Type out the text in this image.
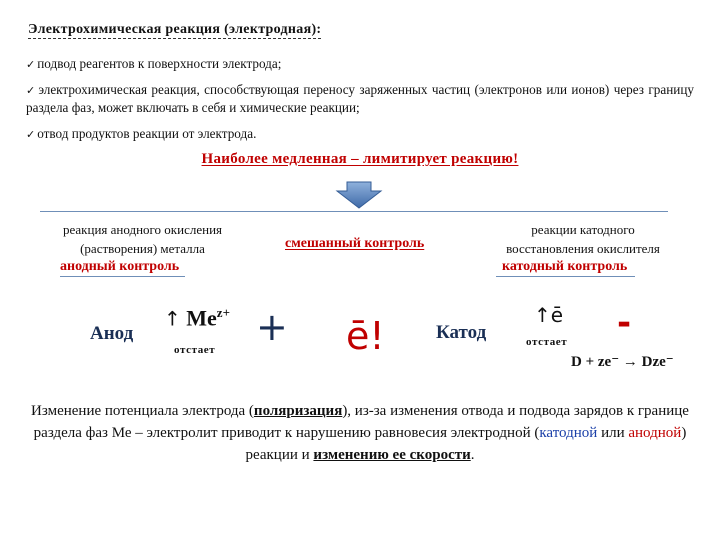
Электрохимическая реакция (электродная):
✓ подвод реагентов к поверхности электрода;
✓ электрохимическая реакция, способствующая переносу заряженных частиц (электронов или ионов) через границу раздела фаз, может включать в себя и химические реакции;
✓ отвод продуктов реакции от электрода.
Наиболее медленная – лимитирует реакцию!
реакция анодного окисления
(растворения) металла
анодный контроль
смешанный контроль
реакции катодного
восстановления окислителя
катодный контроль
Анод
↑ $Me^{z+}$
отстает
+ ē!	Катод
↑ē
отстает -
D + ze⁻ → Dze⁻
Изменение потенциала электрода (поляризация), из-за изменения отвода и подвода зарядов к границе раздела фаз Ме – электролит приводит к нарушению равновесия электродной (катодной или анодной) реакции и изменению ее скорости.
